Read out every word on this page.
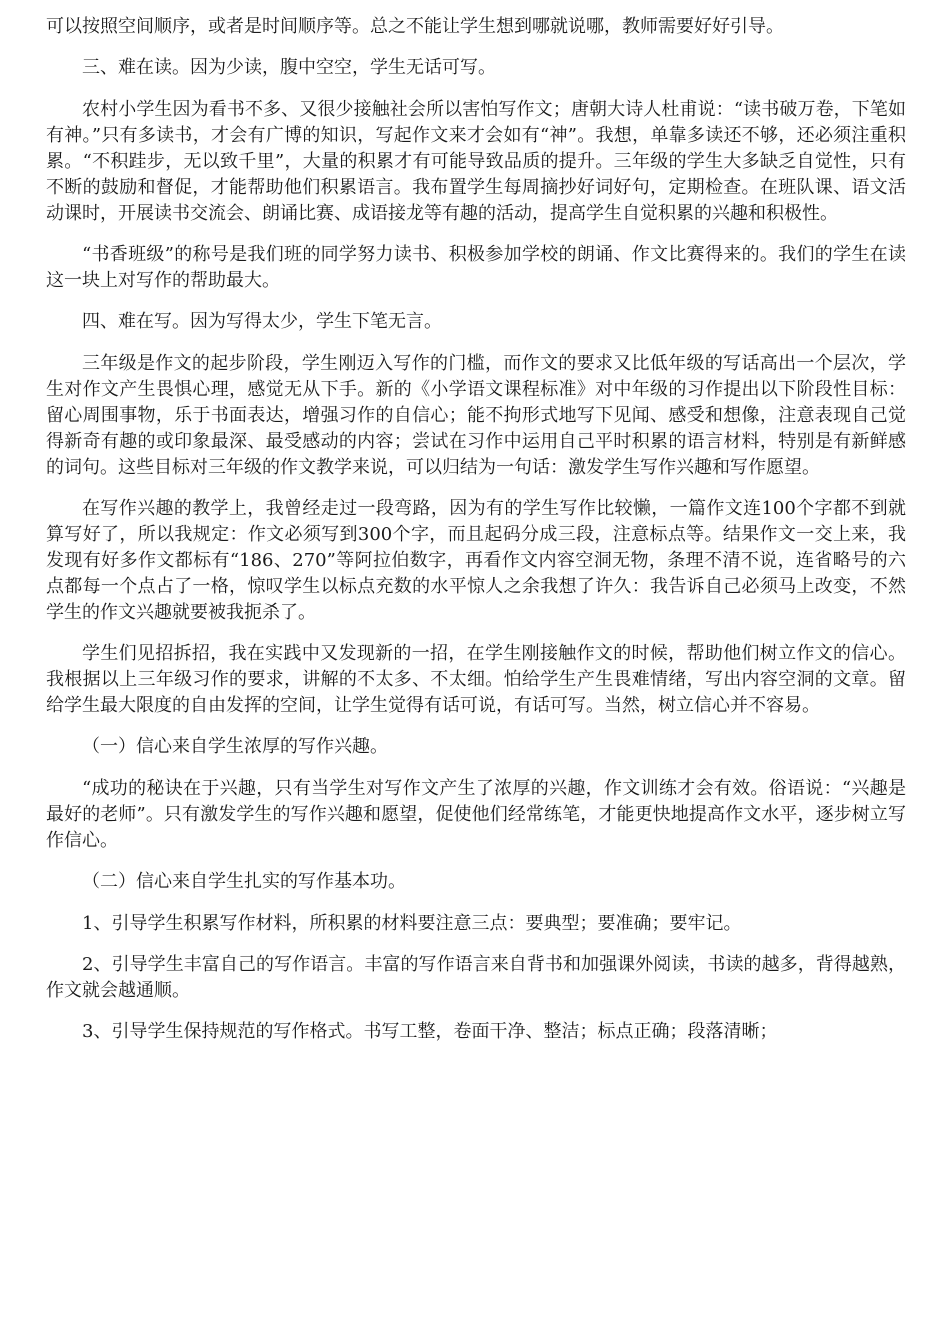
可以按照空间顺序，或者是时间顺序等。总之不能让学生想到哪就说哪，教师需要好好引导。

三、难在读。因为少读，腹中空空，学生无话可写。

农村小学生因为看书不多、又很少接触社会所以害怕写作文；唐朝大诗人杜甫说：“读书破万卷，下笔如有神。”只有多读书，才会有广博的知识，写起作文来才会如有“神”。我想，单靠多读还不够，还必须注重积累。“不积跬步，无以致千里”，大量的积累才有可能导致品质的提升。三年级的学生大多缺乏自觉性，只有不断的鼓励和督促，才能帮助他们积累语言。我布置学生每周摘抄好词好句，定期检查。在班队课、语文活动课时，开展读书交流会、朗诵比赛、成语接龙等有趣的活动，提高学生自觉积累的兴趣和积极性。

“书香班级”的称号是我们班的同学努力读书、积极参加学校的朗诵、作文比赛得来的。我们的学生在读这一块上对写作的帮助最大。

四、难在写。因为写得太少，学生下笔无言。

三年级是作文的起步阶段，学生刚迈入写作的门槛，而作文的要求又比低年级的写话高出一个层次，学生对作文产生畏惧心理，感觉无从下手。新的《小学语文课程标准》对中年级的习作提出以下阶段性目标：留心周围事物，乐于书面表达，增强习作的自信心；能不拘形式地写下见闻、感受和想像，注意表现自己觉得新奇有趣的或印象最深、最受感动的内容；尝试在习作中运用自己平时积累的语言材料，特别是有新鲜感的词句。这些目标对三年级的作文教学来说，可以归结为一句话：激发学生写作兴趣和写作愿望。

在写作兴趣的教学上，我曾经走过一段弯路，因为有的学生写作比较懒，一篇作文连100个字都不到就算写好了，所以我规定：作文必须写到300个字，而且起码分成三段，注意标点等。结果作文一交上来，我发现有好多作文都标有“186、270”等阿拉伯数字，再看作文内容空洞无物，条理不清不说，连省略号的六点都每一个点占了一格，惊叹学生以标点充数的水平惊人之余我想了许久：我告诉自己必须马上改变，不然学生的作文兴趣就要被我扼杀了。

学生们见招拆招，我在实践中又发现新的一招，在学生刚接触作文的时候，帮助他们树立作文的信心。我根据以上三年级习作的要求，讲解的不太多、不太细。怕给学生产生畏难情绪，写出内容空洞的文章。留给学生最大限度的自由发挥的空间，让学生觉得有话可说，有话可写。当然，树立信心并不容易。

（一）信心来自学生浓厚的写作兴趣。

“成功的秘诀在于兴趣，只有当学生对写作文产生了浓厚的兴趣，作文训练才会有效。俗语说：“兴趣是最好的老师”。只有激发学生的写作兴趣和愿望，促使他们经常练笔，才能更快地提高作文水平，逐步树立写作信心。

（二）信心来自学生扎实的写作基本功。

1、引导学生积累写作材料，所积累的材料要注意三点：要典型；要准确；要牢记。

2、引导学生丰富自己的写作语言。丰富的写作语言来自背书和加强课外阅读，书读的越多，背得越熟，作文就会越通顺。

3、引导学生保持规范的写作格式。书写工整，卷面干净、整洁；标点正确；段落清晰；
